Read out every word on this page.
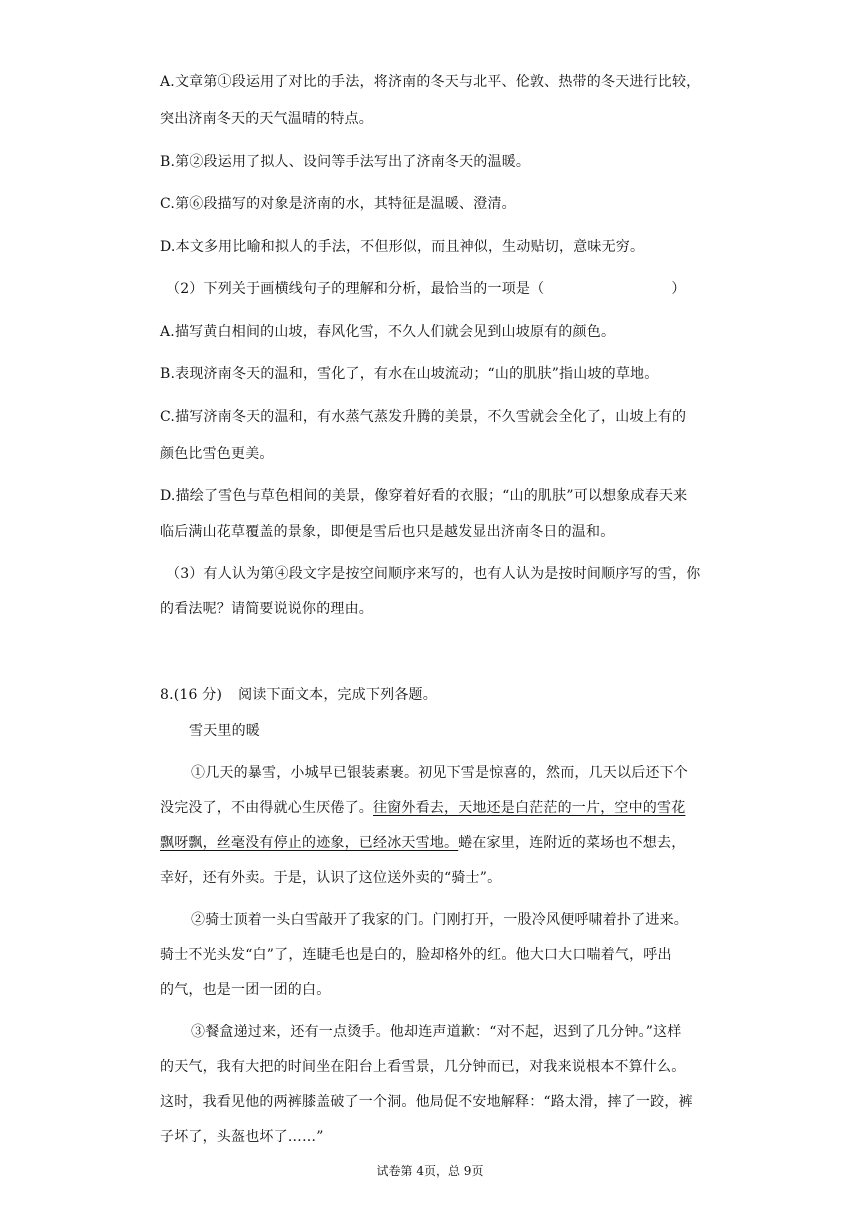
A.文章第①段运用了对比的手法，将济南的冬天与北平、伦敦、热带的冬天进行比较，
突出济南冬天的天气温晴的特点。
B.第②段运用了拟人、设问等手法写出了济南冬天的温暖。
C.第⑥段描写的对象是济南的水，其特征是温暖、澄清。
D.本文多用比喻和拟人的手法，不但形似，而且神似，生动贴切，意味无穷。
（2）下列关于画横线句子的理解和分析，最恰当的一项是（	）
A.描写黄白相间的山坡，春风化雪，不久人们就会见到山坡原有的颜色。
B.表现济南冬天的温和，雪化了，有水在山坡流动；“山的肌肤”指山坡的草地。
C.描写济南冬天的温和，有水蒸气蒸发升腾的美景，不久雪就会全化了，山坡上有的
颜色比雪色更美。
D.描绘了雪色与草色相间的美景，像穿着好看的衣服；“山的肌肤”可以想象成春天来
临后满山花草覆盖的景象，即便是雪后也只是越发显出济南冬日的温和。
（3）有人认为第④段文字是按空间顺序来写的，也有人认为是按时间顺序写的雪，你
的看法呢？请简要说说你的理由。
8.(16 分) 阅读下面文本，完成下列各题。
雪天里的暖
①几天的暴雪，小城早已银装素裹。初见下雪是惊喜的，然而，几天以后还下个
没完没了，不由得就心生厌倦了。往窗外看去，天地还是白茫茫的一片，空中的雪花
飘呀飘，丝毫没有停止的迹象，已经冰天雪地。蜷在家里，连附近的菜场也不想去，
幸好，还有外卖。于是，认识了这位送外卖的“骑士”。
②骑士顶着一头白雪敲开了我家的门。门刚打开，一股冷风便呼啸着扑了进来。
骑士不光头发“白”了，连睫毛也是白的，脸却格外的红。他大口大口喘着气，呼出
的气，也是一团一团的白。
③餐盒递过来，还有一点烫手。他却连声道歉：“对不起，迟到了几分钟。”这样
的天气，我有大把的时间坐在阳台上看雪景，几分钟而已，对我来说根本不算什么。
这时，我看见他的两裤膝盖破了一个洞。他局促不安地解释：“路太滑，摔了一跤，裤
子坏了，头盔也坏了……”
试卷第 4页，总 9页
